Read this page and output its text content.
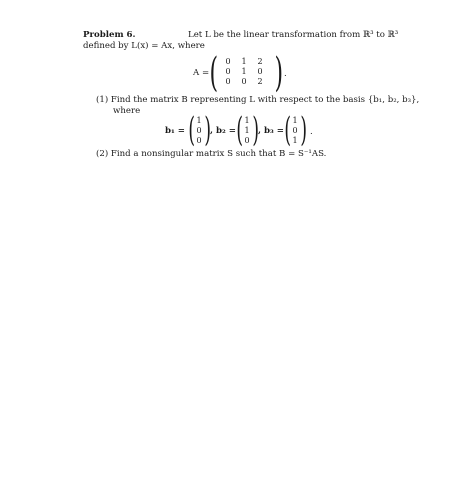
Problem 6.	Let L be the linear transformation from ℝ³ to ℝ³
defined by L(x) = Ax, where
A = ( 0	1	2
0	1	0
0	0	2 ) .
(1) Find the matrix B representing L with respect to the basis {b₁, b₂, b₃},
where
b₁ = ( 1
0
0 ) , b₂ = ( 1
1
0 ) , b₃ = ( 1
0
1 ) .
(2) Find a nonsingular matrix S such that B = S⁻¹AS.
